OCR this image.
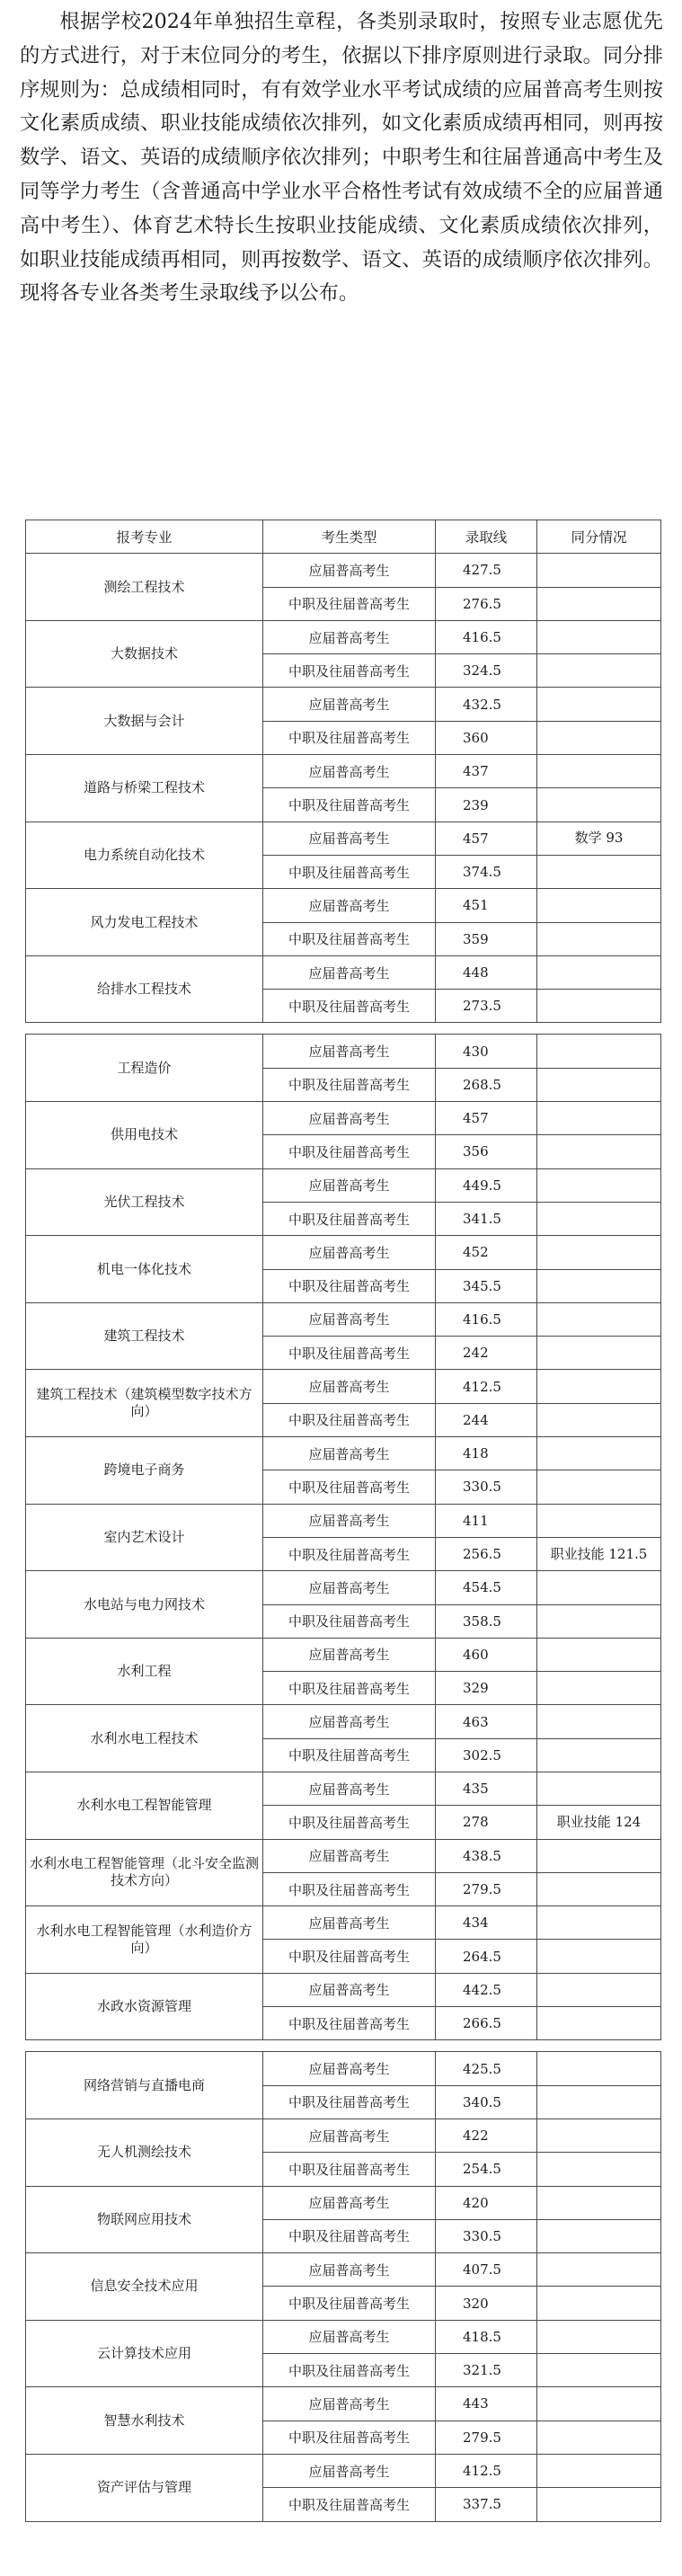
根据学校2024年单独招生章程，各类别录取时，按照专业志愿优先的方式进行，对于末位同分的考生，依据以下排序原则进行录取。同分排序规则为：总成绩相同时，有有效学业水平考试成绩的应届普高考生则按文化素质成绩、职业技能成绩依次排列，如文化素质成绩再相同，则再按数学、语文、英语的成绩顺序依次排列；中职考生和往届普通高中考生及同等学力考生（含普通高中学业水平合格性考试有效成绩不全的应届普通高中考生）、体育艺术特长生按职业技能成绩、文化素质成绩依次排列，如职业技能成绩再相同，则再按数学、语文、英语的成绩顺序依次排列。现将各专业各类考生录取线予以公布。

报考专业	考生类型	录取线	同分情况
测绘工程技术	应届普高考生	427.5	
	中职及往届普高考生	276.5	
大数据技术	应届普高考生	416.5	
	中职及往届普高考生	324.5	
大数据与会计	应届普高考生	432.5	
	中职及往届普高考生	360	
道路与桥梁工程技术	应届普高考生	437	
	中职及往届普高考生	239	
电力系统自动化技术	应届普高考生	457	数学 93
	中职及往届普高考生	374.5	
风力发电工程技术	应届普高考生	451	
	中职及往届普高考生	359	
给排水工程技术	应届普高考生	448	
	中职及往届普高考生	273.5	

工程造价	应届普高考生	430	
	中职及往届普高考生	268.5	
供用电技术	应届普高考生	457	
	中职及往届普高考生	356	
光伏工程技术	应届普高考生	449.5	
	中职及往届普高考生	341.5	
机电一体化技术	应届普高考生	452	
	中职及往届普高考生	345.5	
建筑工程技术	应届普高考生	416.5	
	中职及往届普高考生	242	
建筑工程技术（建筑模型数字技术方向）	应届普高考生	412.5	
	中职及往届普高考生	244	
跨境电子商务	应届普高考生	418	
	中职及往届普高考生	330.5	
室内艺术设计	应届普高考生	411	
	中职及往届普高考生	256.5	职业技能 121.5
水电站与电力网技术	应届普高考生	454.5	
	中职及往届普高考生	358.5	
水利工程	应届普高考生	460	
	中职及往届普高考生	329	
水利水电工程技术	应届普高考生	463	
	中职及往届普高考生	302.5	
水利水电工程智能管理	应届普高考生	435	
	中职及往届普高考生	278	职业技能 124
水利水电工程智能管理（北斗安全监测技术方向）	应届普高考生	438.5	
	中职及往届普高考生	279.5	
水利水电工程智能管理（水利造价方向）	应届普高考生	434	
	中职及往届普高考生	264.5	
水政水资源管理	应届普高考生	442.5	
	中职及往届普高考生	266.5	

网络营销与直播电商	应届普高考生	425.5	
	中职及往届普高考生	340.5	
无人机测绘技术	应届普高考生	422	
	中职及往届普高考生	254.5	
物联网应用技术	应届普高考生	420	
	中职及往届普高考生	330.5	
信息安全技术应用	应届普高考生	407.5	
	中职及往届普高考生	320	
云计算技术应用	应届普高考生	418.5	
	中职及往届普高考生	321.5	
智慧水利技术	应届普高考生	443	
	中职及往届普高考生	279.5	
资产评估与管理	应届普高考生	412.5	
	中职及往届普高考生	337.5	
